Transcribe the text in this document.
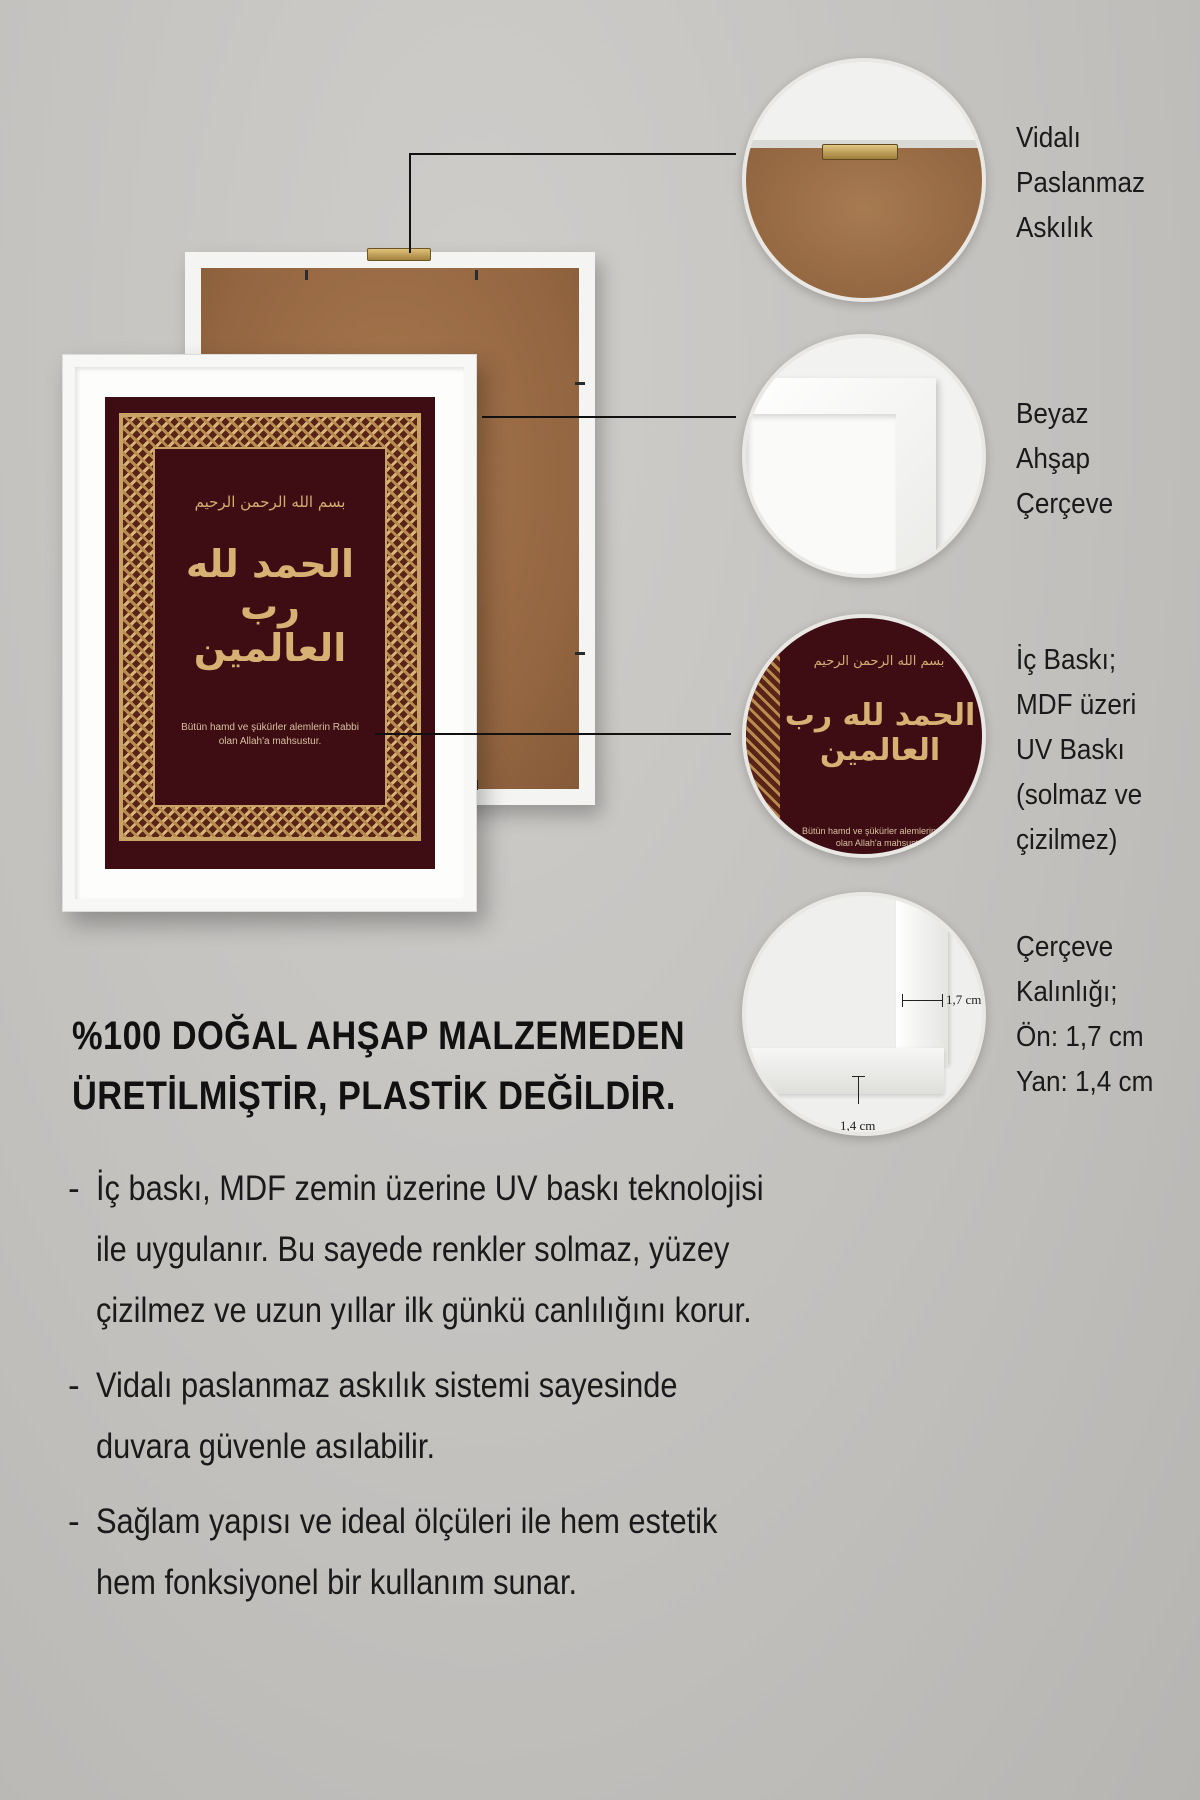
بسم الله الرحمن الرحيم
الحمد لله رب العالمين
Bütün hamd ve şükürler alemlerin Rabbi
olan Allah'a mahsustur.
Vidalı
Paslanmaz
Askılık
Beyaz
Ahşap
Çerçeve
بسم الله الرحمن الرحيم
الحمد لله رب العالمين
Bütün hamd ve şükürler alemlerin Rabbi
olan Allah'a mahsustur.
İç Baskı;
MDF üzeri
UV Baskı
(solmaz ve
çizilmez)
1,7 cm
1,4 cm
Çerçeve
Kalınlığı;
Ön: 1,7 cm
Yan: 1,4 cm
%100 DOĞAL AHŞAP MALZEMEDEN
ÜRETİLMİŞTİR, PLASTİK DEĞİLDİR.
- İç baskı, MDF zemin üzerine UV baskı teknolojisi ile uygulanır. Bu sayede renkler solmaz, yüzey çizilmez ve uzun yıllar ilk günkü canlılığını korur.
- Vidalı paslanmaz askılık sistemi sayesinde duvara güvenle asılabilir.
- Sağlam yapısı ve ideal ölçüleri ile hem estetik hem fonksiyonel bir kullanım sunar.
